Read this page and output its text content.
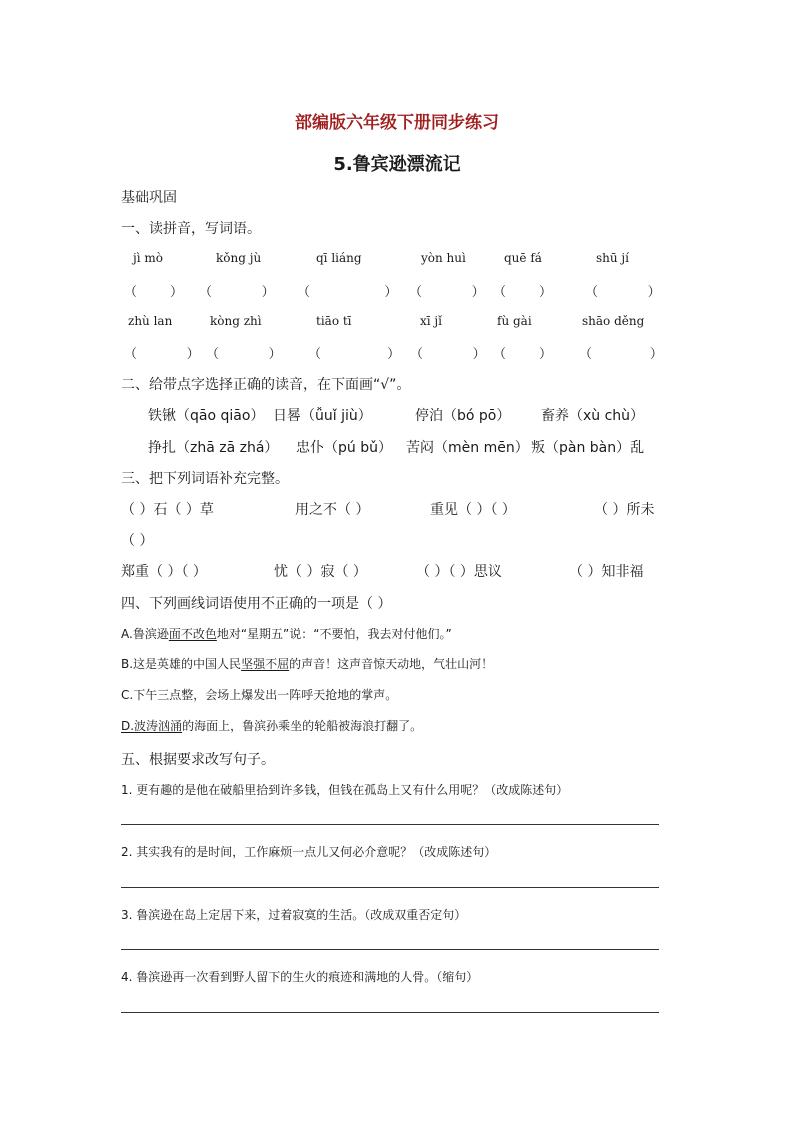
部编版六年级下册同步练习
5.鲁宾逊漂流记
基础巩固
一、读拼音，写词语。
jì mò	kǒng jù	qī liáng	yòn huì	quē fá	shū jí
（        ） （            ） （                  ） （            ） （        ）	（            ）
zhù lan	kòng zhì	tiāo tī	xī jǐ	fù gài	shāo děng
（            ） （            ） （                ） （            ） （        ） （              ）
二、给带点字选择正确的读音，在下面画“√”。
铁锹（qāo qiāo） 日晷（ǚuǐ jiù）	停泊（bó pō） 畜养（xù chù）
挣扎（zhā zā zhá） 忠仆（pú bǔ） 苦闷（mèn mēn） 叛（pàn bàn）乱
三、把下列词语补充完整。
（ ）石（ ）草	用之不（ ）	重见（ ）（ ）	（ ）所未
（ ）
郑重（ ）（ ）	忧（ ）寂（ ）	（ ）（ ）思议	（ ）知非福
四、下列画线词语使用不正确的一项是（ ）
A.鲁滨逊面不改色地对“星期五”说：“不要怕，我去对付他们。”
B.这是英雄的中国人民坚强不屈的声音！这声音惊天动地，气壮山河！
C.下午三点整，会场上爆发出一阵呼天抢地的掌声。
D.波涛汹涌的海面上，鲁滨孙乘坐的轮船被海浪打翻了。
五、根据要求改写句子。
1. 更有趣的是他在破船里拾到许多钱，但钱在孤岛上又有什么用呢？（改成陈述句）
2. 其实我有的是时间，工作麻烦一点儿又何必介意呢？（改成陈述句）
3. 鲁滨逊在岛上定居下来，过着寂寞的生活。（改成双重否定句）
4. 鲁滨逊再一次看到野人留下的生火的痕迹和满地的人骨。（缩句）
